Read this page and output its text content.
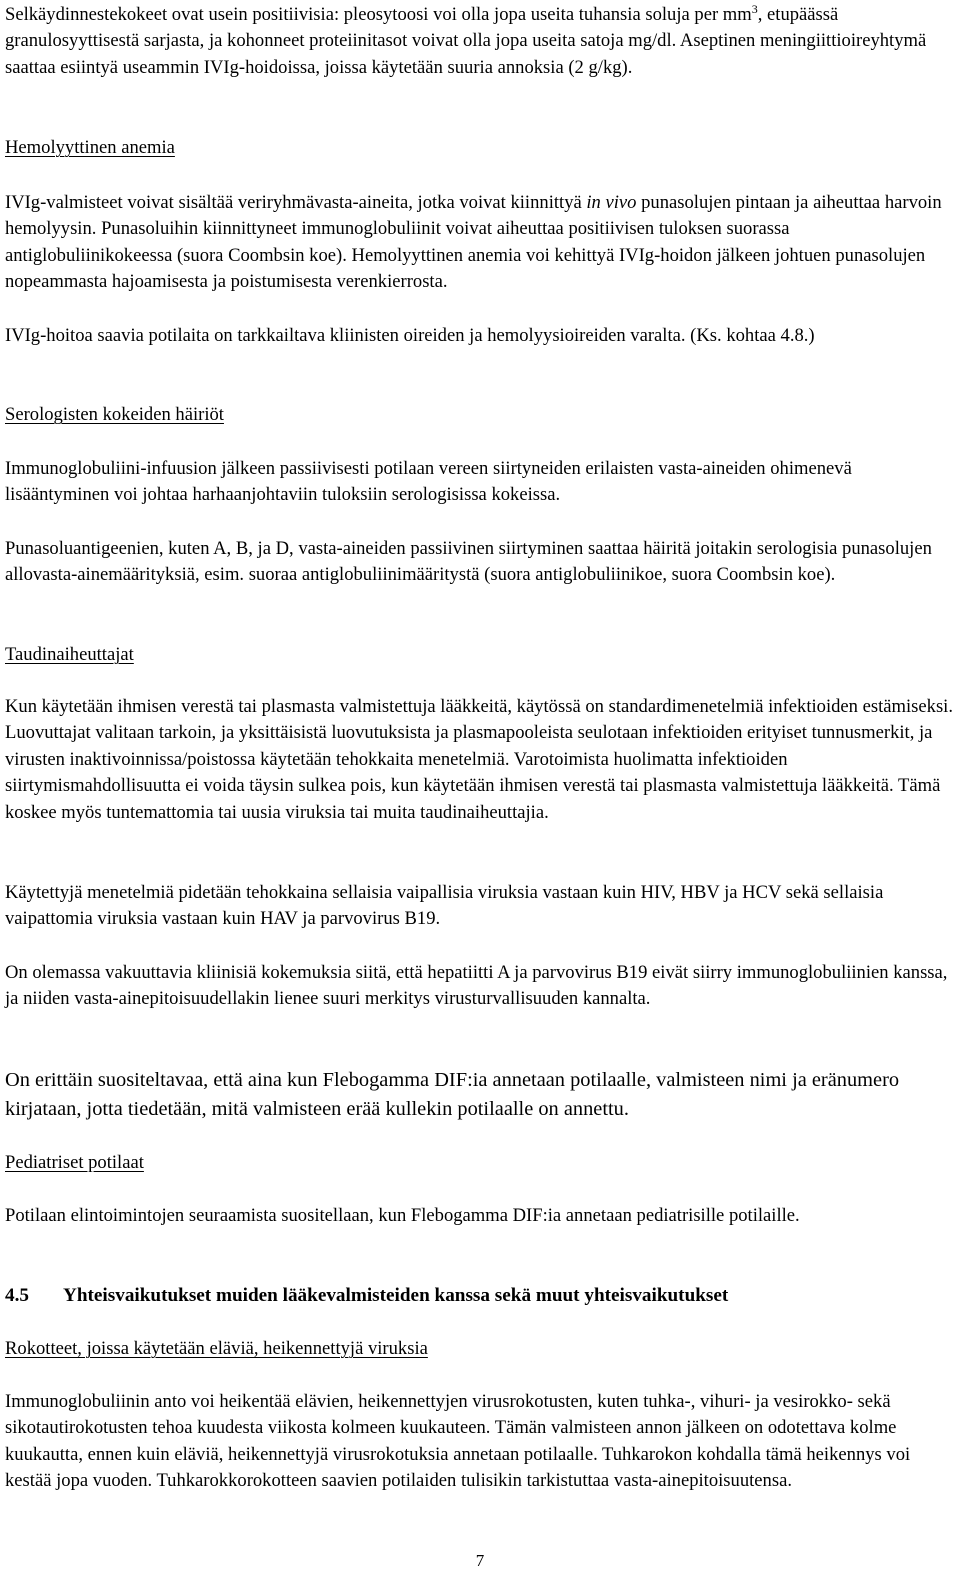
Selkäydinnestekokeet ovat usein positiivisia: pleosytoosi voi olla jopa useita tuhansia soluja per $mm^3$, etupäässä granulosyyttisestä sarjasta, ja kohonneet proteiinitasot voivat olla jopa useita satoja mg/dl. Aseptinen meningiittioireyhtymä saattaa esiintyä useammin IVIg-hoidoissa, joissa käytetään suuria annoksia (2 g/kg).

Hemolyyttinen anemia

IVIg-valmisteet voivat sisältää veriryhmävasta-aineita, jotka voivat kiinnittyä in vivo punasolujen pintaan ja aiheuttaa harvoin hemolyysin. Punasoluihin kiinnittyneet immunoglobuliinit voivat aiheuttaa positiivisen tuloksen suorassa antiglobuliinikokeessa (suora Coombsin koe). Hemolyyttinen anemia voi kehittyä IVIg-hoidon jälkeen johtuen punasolujen nopeammasta hajoamisesta ja poistumisesta verenkierrosta.

IVIg-hoitoa saavia potilaita on tarkkailtava kliinisten oireiden ja hemolyysioireiden varalta. (Ks. kohtaa 4.8.)

Serologisten kokeiden häiriöt

Immunoglobuliini-infuusion jälkeen passiivisesti potilaan vereen siirtyneiden erilaisten vasta-aineiden ohimenevä lisääntyminen voi johtaa harhaanjohtaviin tuloksiin serologisissa kokeissa.

Punasoluantigeenien, kuten A, B, ja D, vasta-aineiden passiivinen siirtyminen saattaa häiritä joitakin serologisia punasolujen allovasta-ainemäärityksiä, esim. suoraa antiglobuliinimääritystä (suora antiglobuliinikoe, suora Coombsin koe).

Taudinaiheuttajat

Kun käytetään ihmisen verestä tai plasmasta valmistettuja lääkkeitä, käytössä on standardimenetelmiä infektioiden estämiseksi. Luovuttajat valitaan tarkoin, ja yksittäisistä luovutuksista ja plasmapooleista seulotaan infektioiden erityiset tunnusmerkit, ja virusten inaktivoinnissa/poistossa käytetään tehokkaita menetelmiä. Varotoimista huolimatta infektioiden siirtymismahdollisuutta ei voida täysin sulkea pois, kun käytetään ihmisen verestä tai plasmasta valmistettuja lääkkeitä. Tämä koskee myös tuntemattomia tai uusia viruksia tai muita taudinaiheuttajia.

Käytettyjä menetelmiä pidetään tehokkaina sellaisia vaipallisia viruksia vastaan kuin HIV, HBV ja HCV sekä sellaisia vaipattomia viruksia vastaan kuin HAV ja parvovirus B19.

On olemassa vakuuttavia kliinisiä kokemuksia siitä, että hepatiitti A ja parvovirus B19 eivät siirry immunoglobuliinien kanssa, ja niiden vasta-ainepitoisuudellakin lienee suuri merkitys virusturvallisuuden kannalta.

On erittäin suositeltavaa, että aina kun Flebogamma DIF:ia annetaan potilaalle, valmisteen nimi ja eränumero kirjataan, jotta tiedetään, mitä valmisteen erää kullekin potilaalle on annettu.

Pediatriset potilaat

Potilaan elintoimintojen seuraamista suositellaan, kun Flebogamma DIF:ia annetaan pediatrisille potilaille.

4.5 Yhteisvaikutukset muiden lääkevalmisteiden kanssa sekä muut yhteisvaikutukset

Rokotteet, joissa käytetään eläviä, heikennettyjä viruksia

Immunoglobuliinin anto voi heikentää elävien, heikennettyjen virusrokotusten, kuten tuhka-, vihuri- ja vesirokko- sekä sikotautirokotusten tehoa kuudesta viikosta kolmeen kuukauteen. Tämän valmisteen annon jälkeen on odotettava kolme kuukautta, ennen kuin eläviä, heikennettyjä virusrokotuksia annetaan potilaalle. Tuhkarokon kohdalla tämä heikennys voi kestää jopa vuoden. Tuhkarokkorokotteen saavien potilaiden tulisikin tarkistuttaa vasta-ainepitoisuutensa.

7
